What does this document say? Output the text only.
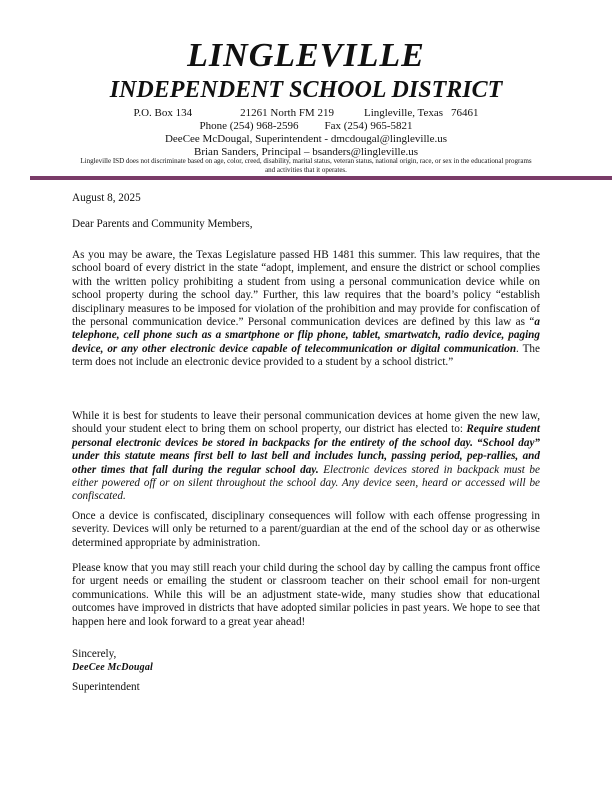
LINGLEVILLE
INDEPENDENT SCHOOL DISTRICT
P.O. Box 134	21261 North FM 219	Lingleville, Texas 76461
Phone (254) 968-2596 Fax (254) 965-5821
DeeCee McDougal, Superintendent - dmcdougal@lingleville.us
Brian Sanders, Principal – bsanders@lingleville.us
Lingleville ISD does not discriminate based on age, color, creed, disability, marital status, veteran status, national origin, race, or sex in the educational programs and activities that it operates.
August 8, 2025
Dear Parents and Community Members,
As you may be aware, the Texas Legislature passed HB 1481 this summer. This law requires, that the school board of every district in the state “adopt, implement, and ensure the district or school complies with the written policy prohibiting a student from using a personal communication device while on school property during the school day.” Further, this law requires that the board’s policy “establish disciplinary measures to be imposed for violation of the prohibition and may provide for confiscation of the personal communication device.” Personal communication devices are defined by this law as “a telephone, cell phone such as a smartphone or flip phone, tablet, smartwatch, radio device, paging device, or any other electronic device capable of telecommunication or digital communication. The term does not include an electronic device provided to a student by a school district.”
While it is best for students to leave their personal communication devices at home given the new law, should your student elect to bring them on school property, our district has elected to: Require student personal electronic devices be stored in backpacks for the entirety of the school day. “School day” under this statute means first bell to last bell and includes lunch, passing period, pep-rallies, and other times that fall during the regular school day. Electronic devices stored in backpack must be either powered off or on silent throughout the school day. Any device seen, heard or accessed will be confiscated.
Once a device is confiscated, disciplinary consequences will follow with each offense progressing in severity. Devices will only be returned to a parent/guardian at the end of the school day or as otherwise determined appropriate by administration.
Please know that you may still reach your child during the school day by calling the campus front office for urgent needs or emailing the student or classroom teacher on their school email for non-urgent communications. While this will be an adjustment state-wide, many studies show that educational outcomes have improved in districts that have adopted similar policies in past years. We hope to see that happen here and look forward to a great year ahead!
Sincerely,
DeeCee McDougal
Superintendent
